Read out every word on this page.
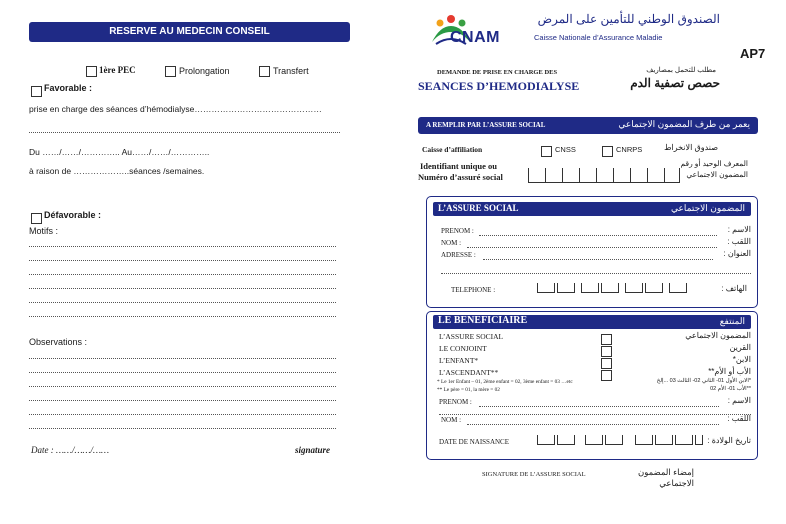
RESERVE AU MEDECIN CONSEIL
1ère PEC	Prolongation	Transfert
Favorable :
prise en charge des séances d’hémodialyse………………………………………
Du ……/……/………….. Au……/……/…………..
à raison de ………………..séances /semaines.
Défavorable :
Motifs :
Observations :
Date : ……/……/……	signature
CNAM
الصندوق الوطني للتأمين على المرض
Caisse Nationale d’Assurance Maladie
AP7
DEMANDE DE PRISE EN CHARGE DES
SEANCES D’HEMODIALYSE
مطلب للتحمل بمصاريف
حصص تصفية الدم
A REMPLIR PAR L’ASSURE SOCIAL	يعمر من طرف المضمون الاجتماعي
Caisse d’affiliation	CNSS	CNRPS	صندوق الانخراط
Identifiant unique ou
Numéro d’assuré social
المعرف الوحيد أو رقم
المضمون الاجتماعي
L’ASSURE SOCIAL	المضمون الاجتماعي
PRENOM :	الاسم :
NOM :	اللقب :
ADRESSE :	العنوان :
TELEPHONE :	الهاتف :
LE BENEFICIAIRE	المنتفع
L’ASSURE SOCIAL	المضمون الاجتماعي
LE CONJOINT	القرين
L’ENFANT*	الابن*
L’ASCENDANT**	الأب أو الأم**
* Le 1er Enfant – 01, 2ème enfant = 02, 3ème enfant = 03 …etc
** Le père = 01, la mère = 02
*الابن الأول 01- الثاني 02- الثالث 03 ...إلخ
**الأب 01- الأم 02
PRENOM :	الاسم :
NOM :	اللقب :
DATE DE NAISSANCE	تاريخ الولادة :
SIGNATURE DE L’ASSURE SOCIAL	إمضاء المضمون الاجتماعي
